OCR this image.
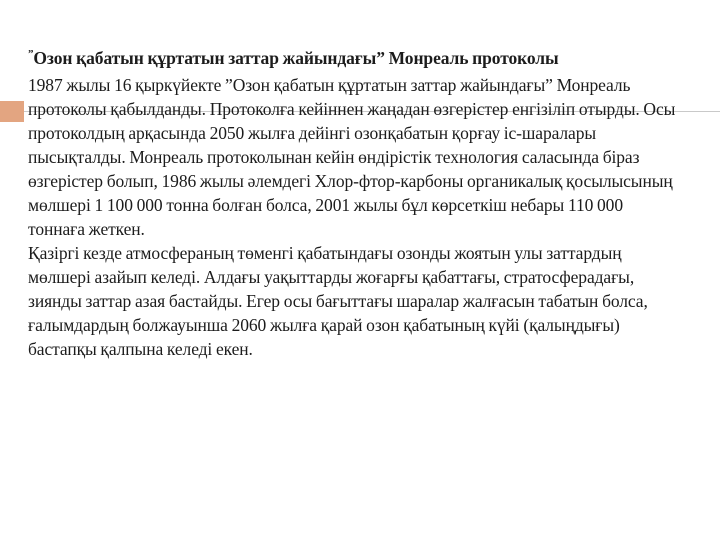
”Озон қабатын құртатын заттар жайындағы” Монреаль протоколы

1987 жылы 16 қыркүйекте ”Озон қабатын құртатын заттар жайындағы” Монреаль протоколы қабылданды. Протоколға кейіннен жаңадан өзгерістер енгізіліп отырды. Осы протоколдың арқасында 2050 жылға дейінгі озонқабатын қорғау іс-шаралары пысықталды. Монреаль протоколынан кейін өндірістік технология саласында біраз өзгерістер болып, 1986 жылы әлемдегі Хлор-фтор-карбоны органикалық қосылысының мөлшері 1 100 000 тонна болған болса, 2001 жылы бұл көрсеткіш небары 110 000 тоннаға жеткен.

Қазіргі кезде атмосфераның төменгі қабатындағы озонды жоятын улы заттардың мөлшері азайып келеді. Алдағы уақыттарды жоғарғы қабаттағы, стратосферадағы, зиянды заттар азая бастайды. Егер осы бағыттағы шаралар жалғасын табатын болса, ғалымдардың болжауынша 2060 жылға қарай озон қабатының күйі (қалыңдығы) бастапқы қалпына келеді екен.
